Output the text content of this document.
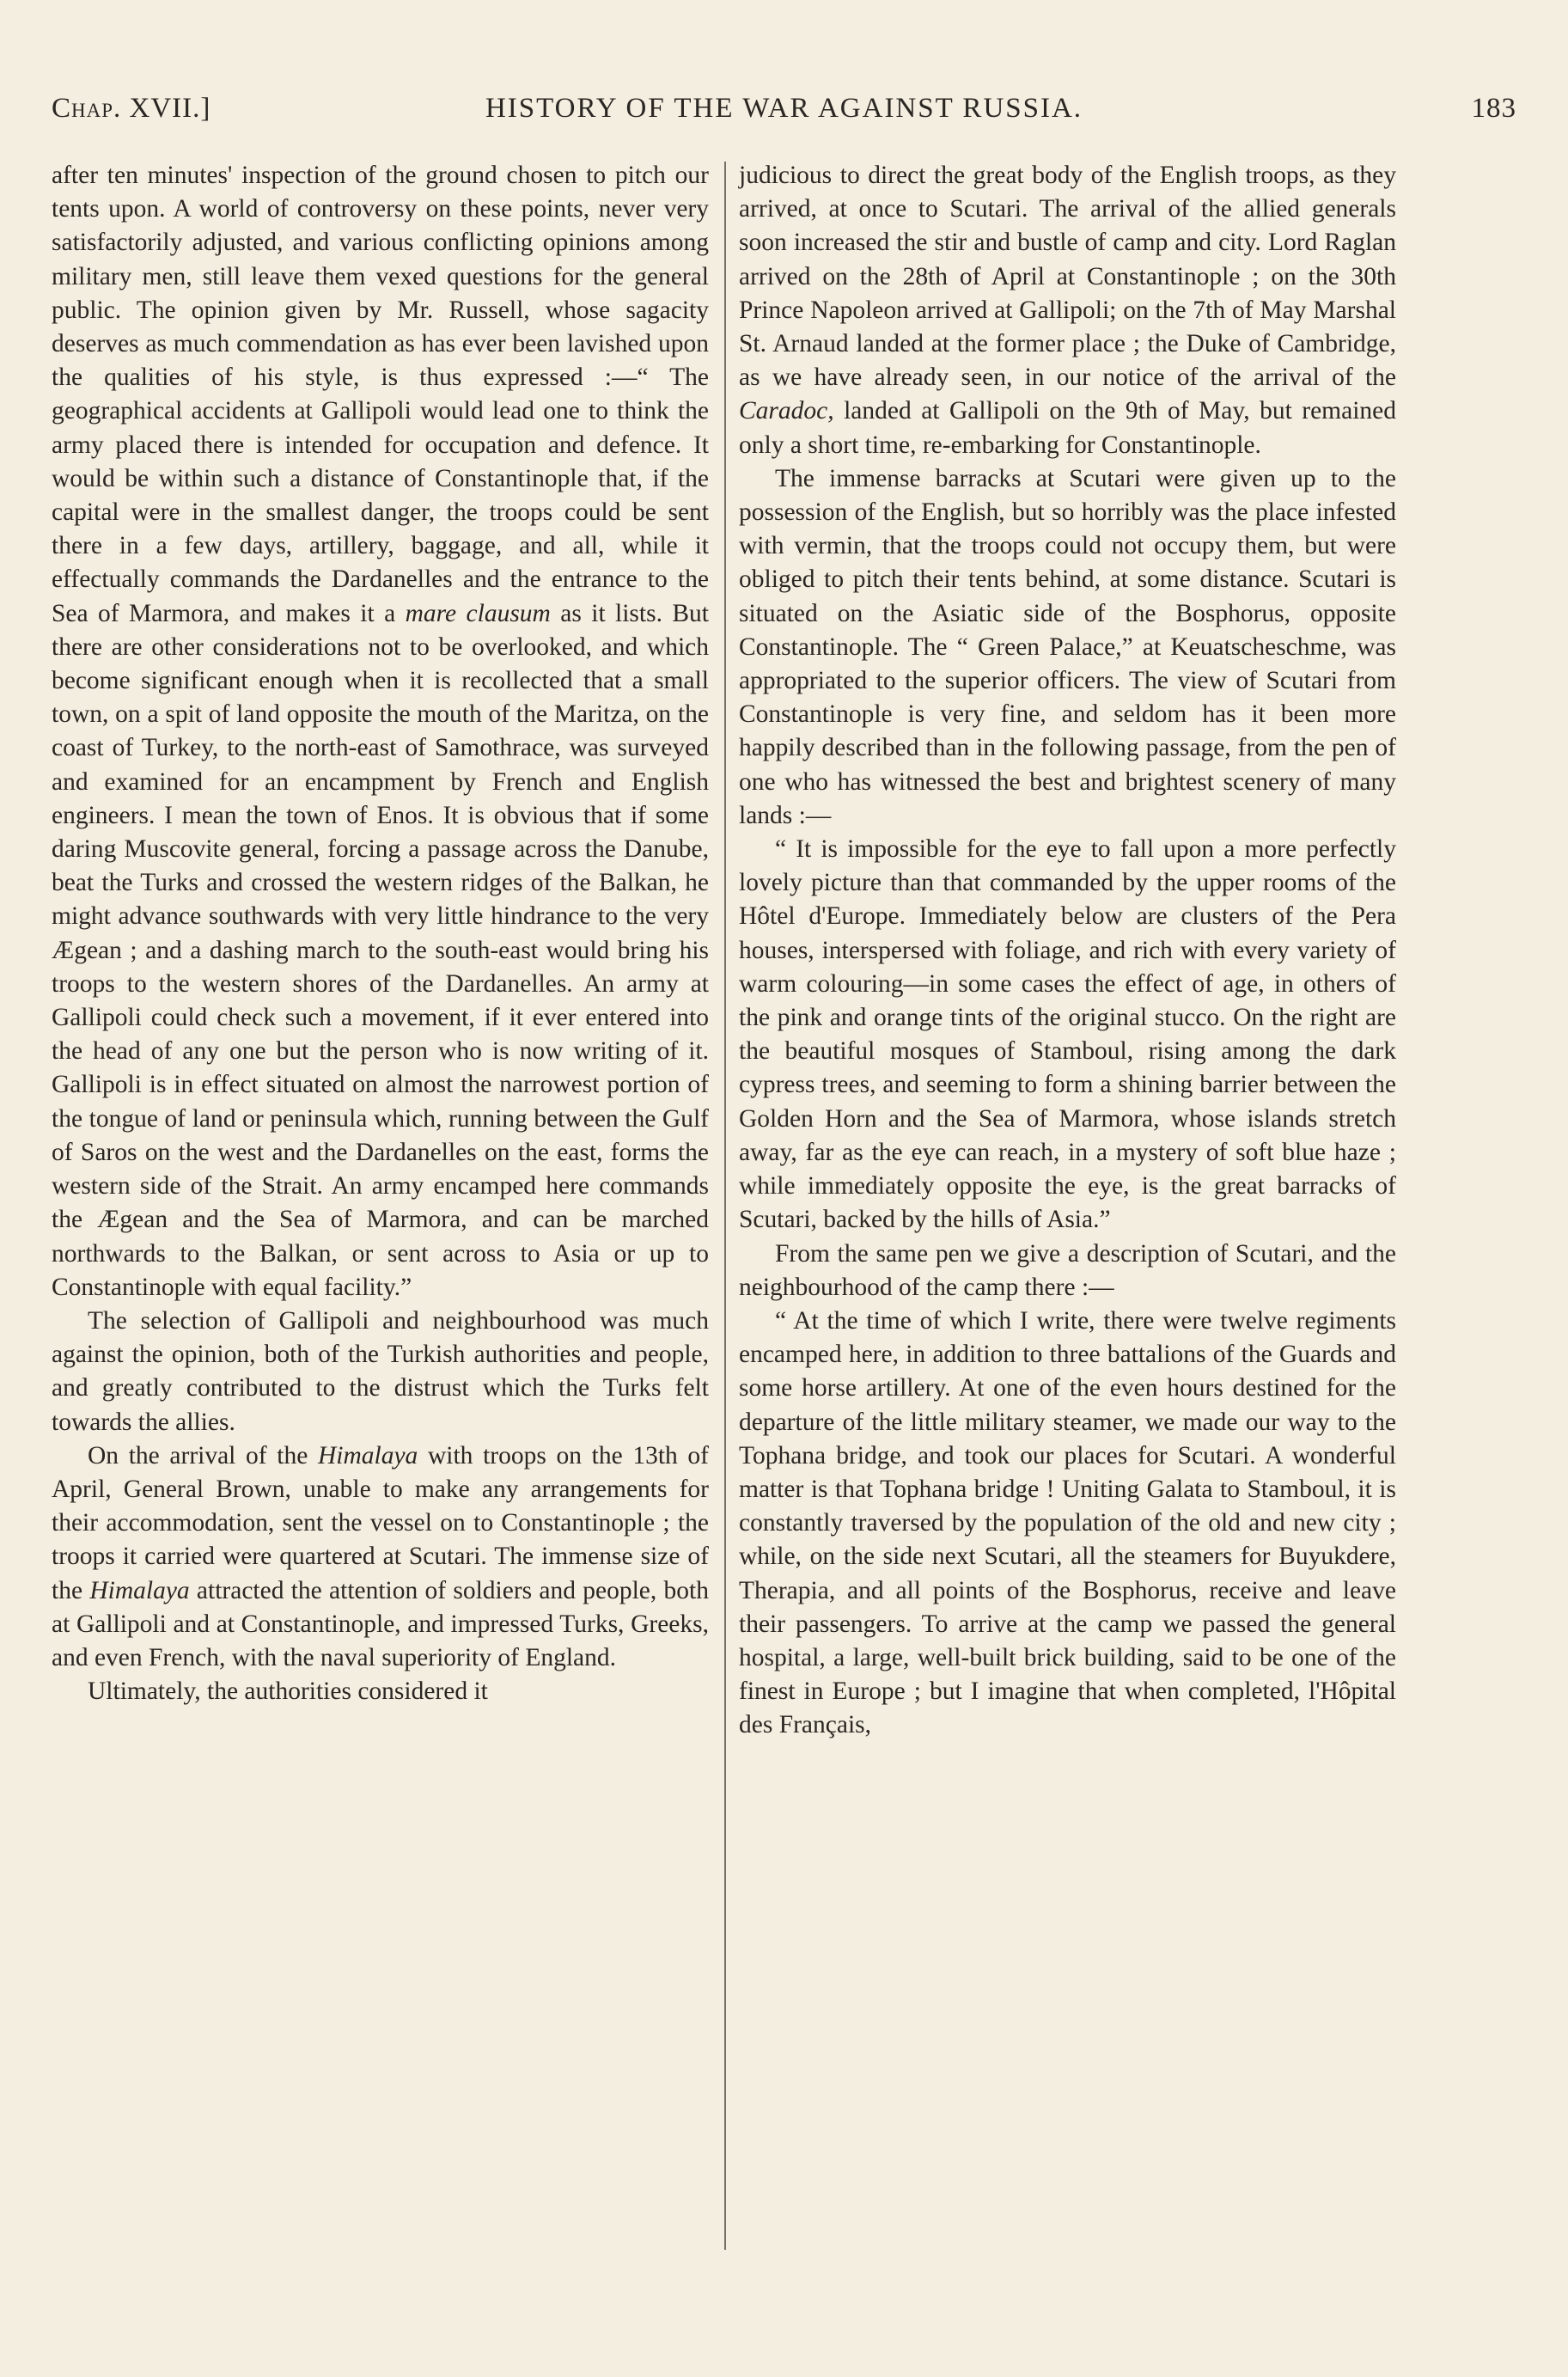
Chap. XVII.]	HISTORY OF THE WAR AGAINST RUSSIA.	183

after ten minutes' inspection of the ground chosen to pitch our tents upon. A world of controversy on these points, never very satisfactorily adjusted, and various conflicting opinions among military men, still leave them vexed questions for the general public. The opinion given by Mr. Russell, whose sagacity deserves as much commendation as has ever been lavished upon the qualities of his style, is thus expressed :—“ The geographical accidents at Gallipoli would lead one to think the army placed there is intended for occupation and defence. It would be within such a distance of Constantinople that, if the capital were in the smallest danger, the troops could be sent there in a few days, artillery, baggage, and all, while it effectually commands the Dardanelles and the entrance to the Sea of Marmora, and makes it a mare clausum as it lists. But there are other considerations not to be overlooked, and which become significant enough when it is recollected that a small town, on a spit of land opposite the mouth of the Maritza, on the coast of Turkey, to the north-east of Samothrace, was surveyed and examined for an encampment by French and English engineers. I mean the town of Enos. It is obvious that if some daring Muscovite general, forcing a passage across the Danube, beat the Turks and crossed the western ridges of the Balkan, he might advance southwards with very little hindrance to the very Ægean ; and a dashing march to the south-east would bring his troops to the western shores of the Dardanelles. An army at Gallipoli could check such a movement, if it ever entered into the head of any one but the person who is now writing of it. Gallipoli is in effect situated on almost the narrowest portion of the tongue of land or peninsula which, running between the Gulf of Saros on the west and the Dardanelles on the east, forms the western side of the Strait. An army encamped here commands the Ægean and the Sea of Marmora, and can be marched northwards to the Balkan, or sent across to Asia or up to Constantinople with equal facility.”

The selection of Gallipoli and neighbourhood was much against the opinion, both of the Turkish authorities and people, and greatly contributed to the distrust which the Turks felt towards the allies.

On the arrival of the Himalaya with troops on the 13th of April, General Brown, unable to make any arrangements for their accommodation, sent the vessel on to Constantinople ; the troops it carried were quartered at Scutari. The immense size of the Himalaya attracted the attention of soldiers and people, both at Gallipoli and at Constantinople, and impressed Turks, Greeks, and even French, with the naval superiority of England.

Ultimately, the authorities considered it

judicious to direct the great body of the English troops, as they arrived, at once to Scutari. The arrival of the allied generals soon increased the stir and bustle of camp and city. Lord Raglan arrived on the 28th of April at Constantinople ; on the 30th Prince Napoleon arrived at Gallipoli; on the 7th of May Marshal St. Arnaud landed at the former place ; the Duke of Cambridge, as we have already seen, in our notice of the arrival of the Caradoc, landed at Gallipoli on the 9th of May, but remained only a short time, re-embarking for Constantinople.

The immense barracks at Scutari were given up to the possession of the English, but so horribly was the place infested with vermin, that the troops could not occupy them, but were obliged to pitch their tents behind, at some distance. Scutari is situated on the Asiatic side of the Bosphorus, opposite Constantinople. The “ Green Palace,” at Keuatscheschme, was appropriated to the superior officers. The view of Scutari from Constantinople is very fine, and seldom has it been more happily described than in the following passage, from the pen of one who has witnessed the best and brightest scenery of many lands :—

“ It is impossible for the eye to fall upon a more perfectly lovely picture than that commanded by the upper rooms of the Hôtel d'Europe. Immediately below are clusters of the Pera houses, interspersed with foliage, and rich with every variety of warm colouring—in some cases the effect of age, in others of the pink and orange tints of the original stucco. On the right are the beautiful mosques of Stamboul, rising among the dark cypress trees, and seeming to form a shining barrier between the Golden Horn and the Sea of Marmora, whose islands stretch away, far as the eye can reach, in a mystery of soft blue haze ; while immediately opposite the eye, is the great barracks of Scutari, backed by the hills of Asia.”

From the same pen we give a description of Scutari, and the neighbourhood of the camp there :—

“ At the time of which I write, there were twelve regiments encamped here, in addition to three battalions of the Guards and some horse artillery. At one of the even hours destined for the departure of the little military steamer, we made our way to the Tophana bridge, and took our places for Scutari. A wonderful matter is that Tophana bridge ! Uniting Galata to Stamboul, it is constantly traversed by the population of the old and new city ; while, on the side next Scutari, all the steamers for Buyukdere, Therapia, and all points of the Bosphorus, receive and leave their passengers. To arrive at the camp we passed the general hospital, a large, well-built brick building, said to be one of the finest in Europe ; but I imagine that when completed, l'Hôpital des Français,
